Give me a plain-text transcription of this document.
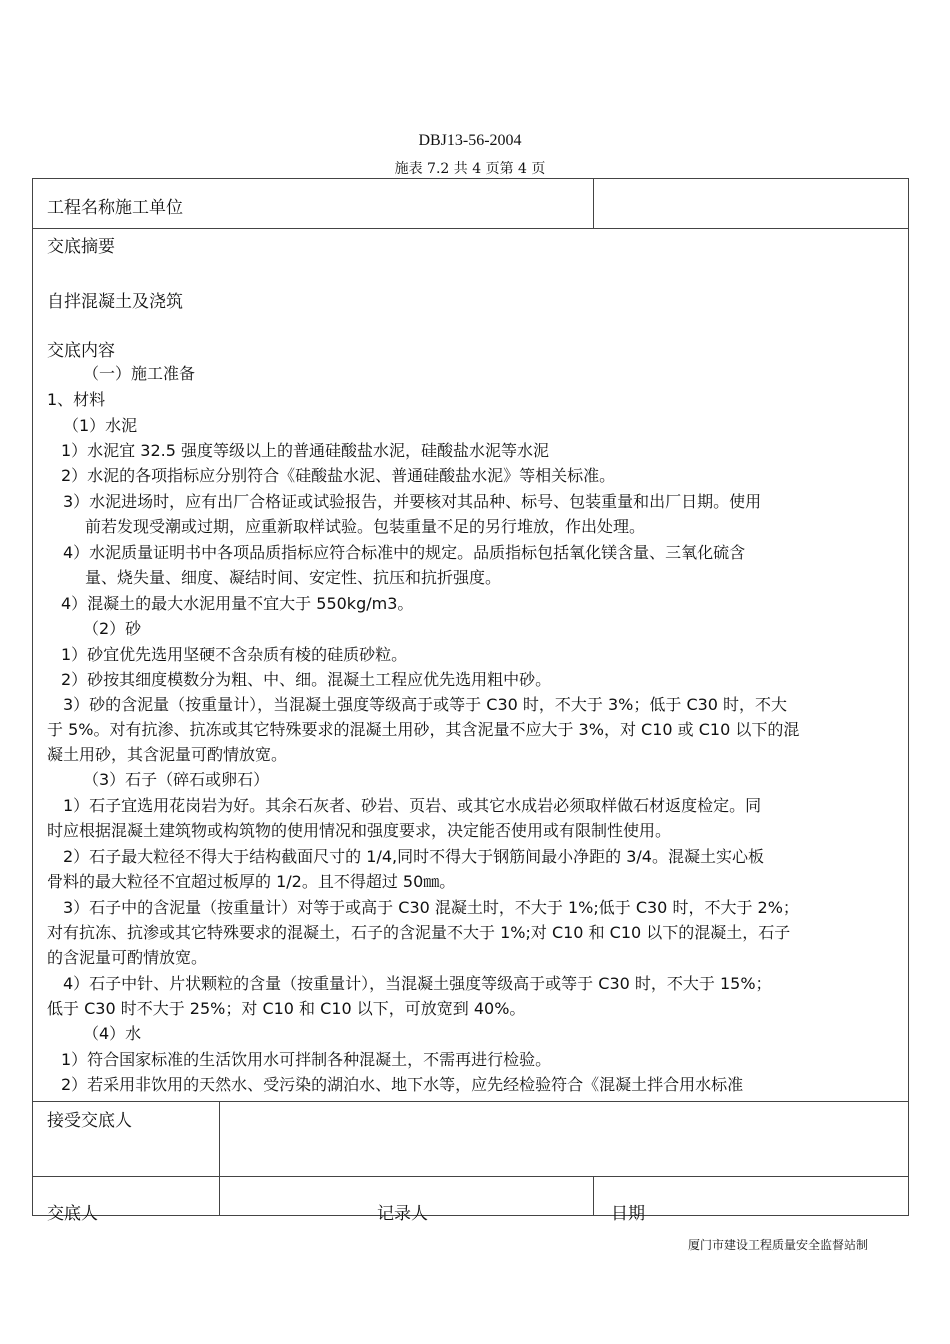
DBJ13-56-2004
施表 7.2 共 4 页第 4 页
工程名称施工单位
交底摘要
自拌混凝土及浇筑
交底内容
（一）施工准备
1、材料
（1）水泥
1）水泥宜 32.5 强度等级以上的普通硅酸盐水泥，硅酸盐水泥等水泥
2）水泥的各项指标应分别符合《硅酸盐水泥、普通硅酸盐水泥》等相关标准。
3）水泥进场时，应有出厂合格证或试验报告，并要核对其品种、标号、包装重量和出厂日期。使用
前若发现受潮或过期，应重新取样试验。包装重量不足的另行堆放，作出处理。
4）水泥质量证明书中各项品质指标应符合标准中的规定。品质指标包括氧化镁含量、三氧化硫含
量、烧失量、细度、凝结时间、安定性、抗压和抗折强度。
4）混凝土的最大水泥用量不宜大于 550kg/m3。
（2）砂
1）砂宜优先选用坚硬不含杂质有棱的硅质砂粒。
2）砂按其细度模数分为粗、中、细。混凝土工程应优先选用粗中砂。
3）砂的含泥量（按重量计），当混凝土强度等级高于或等于 C30 时，不大于 3%；低于 C30 时，不大
于 5%。对有抗渗、抗冻或其它特殊要求的混凝土用砂，其含泥量不应大于 3%，对 C10 或 C10 以下的混
凝土用砂，其含泥量可酌情放宽。
（3）石子（碎石或卵石）
1）石子宜选用花岗岩为好。其余石灰者、砂岩、页岩、或其它水成岩必须取样做石材返度检定。同
时应根据混凝土建筑物或构筑物的使用情况和强度要求，决定能否使用或有限制性使用。
2）石子最大粒径不得大于结构截面尺寸的 1/4,同时不得大于钢筋间最小净距的 3/4。混凝土实心板
骨料的最大粒径不宜超过板厚的 1/2。且不得超过 50㎜。
3）石子中的含泥量（按重量计）对等于或高于 C30 混凝土时，不大于 1%;低于 C30 时，不大于 2%；
对有抗冻、抗渗或其它特殊要求的混凝土，石子的含泥量不大于 1%;对 C10 和 C10 以下的混凝土，石子
的含泥量可酌情放宽。
4）石子中针、片状颗粒的含量（按重量计），当混凝土强度等级高于或等于 C30 时，不大于 15%；
低于 C30 时不大于 25%；对 C10 和 C10 以下，可放宽到 40%。
（4）水
1）符合国家标准的生活饮用水可拌制各种混凝土，不需再进行检验。
2）若采用非饮用的天然水、受污染的湖泊水、地下水等，应先经检验符合《混凝土拌合用水标准
接受交底人
交底人	记录人	日期
厦门市建设工程质量安全监督站制
